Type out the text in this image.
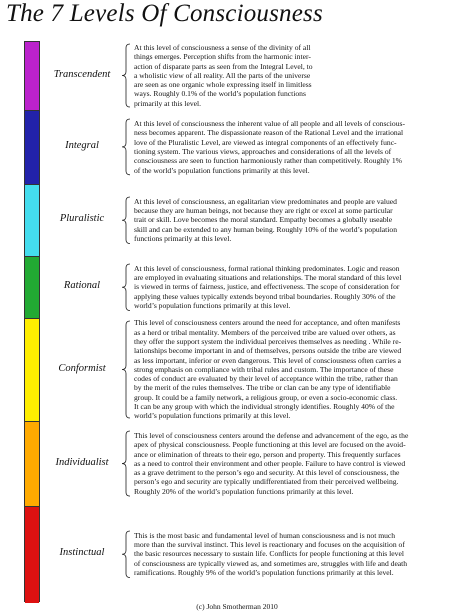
The 7 Levels Of Consciousness
Transcendent
Integral
Pluralistic
Rational
Conformist
Individualist
Instinctual

At this level of consciousness a sense of the divinity of all

things emerges. Perception shifts from the harmonic inter-

action of disparate parts as seen from the Integral Level, to

a wholistic view of all reality. All the parts of the universe

are seen as one organic whole expressing itself in limitless

ways. Roughly 0.1% of the world’s population functions

primarily at this level.

At this level of consciousness the inherent value of all people and all levels of conscious-

ness becomes apparent. The dispassionate reason of the Rational Level and the irrational

love of the Pluralistic Level, are viewed as integral components of an effectively func-

tioning system. The various views, approaches and considerations of all the levels of

consciousness are seen to function harmoniously rather than competitively. Roughly 1%

of the world’s population functions primarily at this level.

At this level of consciousness, an egalitarian view predominates and people are valued

because they are human beings, not because they are right or excel at some particular

trait or skill. Love becomes the moral standard. Empathy becomes a globally useable

skill and can be extended to any human being. Roughly 10% of the world’s population

functions primarily at this level.

At this level of consciousness, formal rational thinking predominates. Logic and reason

are employed in evaluating situations and relationships. The moral standard of this level

is viewed in terms of fairness, justice, and effectiveness. The scope of consideration for

applying these values typically extends beyond tribal boundaries. Roughly 30% of the

world’s population functions primarily at this level.

This level of consciousness centers around the need for acceptance, and often manifests

as a herd or tribal mentality. Members of the perceived tribe are valued over others, as

they offer the support system the individual perceives themselves as needing . While re-

lationships become important in and of themselves, persons outside the tribe are viewed

as less important, inferior or even dangerous. This level of consciousness often carries a

strong emphasis on compliance with tribal rules and custom. The importance of these

codes of conduct are evaluated by their level of acceptance within the tribe, rather than

by the merit of the rules themselves. The tribe or clan can be any type of identifiable

group. It could be a family network, a religious group, or even a socio-economic class.

It can be any group with which the individual strongly identifies. Roughly 40% of the

world’s population functions primarily at this level.

This level of consciousness centers around the defense and advancement of the ego, as the

apex of physical consciousness. People functioning at this level are focused on the avoid-

ance or elimination of threats to their ego, person and property. This frequently surfaces

as a need to control their environment and other people. Failure to have control is viewed

as a grave detriment to the person’s ego and security. At this level of consciousness, the

person’s ego and security are typically undifferentiated from their perceived wellbeing.

Roughly 20% of the world’s population functions primarily at this level.

This is the most basic and fundamental level of human consciousness and is not much

more than the survival instinct. This level is reactionary and focuses on the acquisition of

the basic resources necessary to sustain life. Conflicts for people functioning at this level

of consciousness are typically viewed as, and sometimes are, struggles with life and death

ramifications. Roughly 9% of the world’s population functions primarily at this level.

(c) John Smotherman 2010
